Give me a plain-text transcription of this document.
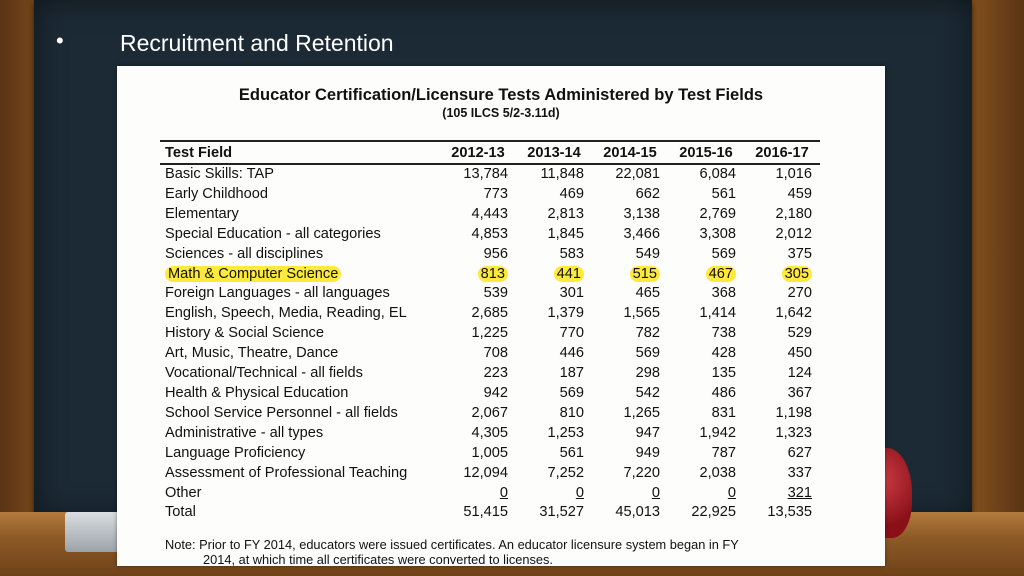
• Recruitment and Retention
Educator Certification/Licensure Tests Administered by Test Fields
(105 ILCS 5/2-3.11d)
Test Field	2012-13	2013-14	2014-15	2015-16	2016-17
Basic Skills: TAP	13,784	11,848	22,081	6,084	1,016
Early Childhood	773	469	662	561	459
Elementary	4,443	2,813	3,138	2,769	2,180
Special Education - all categories	4,853	1,845	3,466	3,308	2,012
Sciences - all disciplines	956	583	549	569	375
Math & Computer Science	813	441	515	467	305
Foreign Languages - all languages	539	301	465	368	270
English, Speech, Media, Reading, EL	2,685	1,379	1,565	1,414	1,642
History & Social Science	1,225	770	782	738	529
Art, Music, Theatre, Dance	708	446	569	428	450
Vocational/Technical - all fields	223	187	298	135	124
Health & Physical Education	942	569	542	486	367
School Service Personnel - all fields	2,067	810	1,265	831	1,198
Administrative - all types	4,305	1,253	947	1,942	1,323
Language Proficiency	1,005	561	949	787	627
Assessment of Professional Teaching	12,094	7,252	7,220	2,038	337
Other	0	0	0	0	321
Total	51,415	31,527	45,013	22,925	13,535
Note: Prior to FY 2014, educators were issued certificates. An educator licensure system began in FY
2014, at which time all certificates were converted to licenses.
